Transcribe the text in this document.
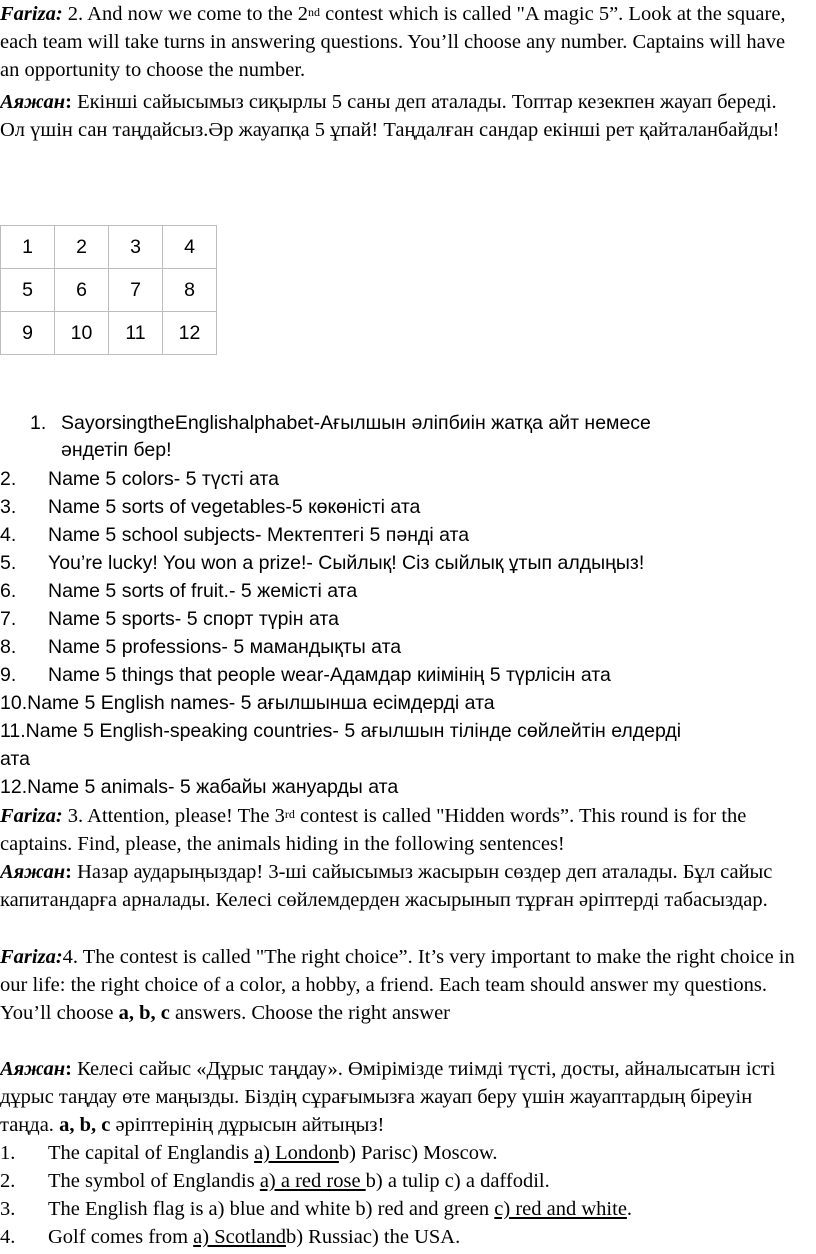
Fariza: 2. And now we come to the 2nd contest which is called "A magic 5”. Look at the square, each team will take turns in answering questions. You’ll choose any number. Captains will have an opportunity to choose the number.

Аяжан: Екінші сайысымыз сиқырлы 5 саны деп аталады. Топтар кезекпен жауап береді. Ол үшін сан таңдайсыз.Әр жауапқа 5 ұпай! Таңдалған сандар екінші рет қайталанбайды!

1	2	3	4
5	6	7	8
9	10	11	12
1. SayorsingtheEnglishalphabet-Ағылшын әліпбиін жатқа айт немесе
әндетіп бер!
2. Name 5 colors- 5 түсті ата
3. Name 5 sorts of vegetables-5 көкөністі ата
4. Name 5 school subjects- Мектептегі 5 пәнді ата
5. You’re lucky! You won a prize!- Сыйлық! Сіз сыйлық ұтып алдыңыз!
6. Name 5 sorts of fruit.- 5 жемісті ата
7. Name 5 sports- 5 спорт түрін ата
8. Name 5 professions- 5 мамандықты ата
9. Name 5 things that people wear-Адамдар киімінің 5 түрлісін ата
10.Name 5 English names- 5 ағылшынша есімдерді ата
11.Name 5 English-speaking countries- 5 ағылшын тілінде сөйлейтін елдерді
ата
12.Name 5 animals- 5 жабайы жануарды ата

Fariza: 3. Attention, please! The 3rd contest is called "Hidden words”. This round is for the captains. Find, please, the animals hiding in the following sentences!

Аяжан: Назар аударыңыздар! 3-ші сайысымыз жасырын сөздер деп аталады. Бұл сайыс капитандарға арналады. Келесі сөйлемдерден жасырынып тұрған әріптерді табасыздар.

Fariza:4. The contest is called "The right choice”. It’s very important to make the right choice in our life: the right choice of a color, a hobby, a friend. Each team should answer my questions. You’ll choose a, b, c answers. Choose the right answer

Аяжан: Келесі сайыс «Дұрыс таңдау». Өмірімізде тиімді түсті, досты, айналысатын істі дұрыс таңдау өте маңызды. Біздің сұрағымызға жауап беру үшін жауаптардың біреуін таңда. a, b, c әріптерінің дұрысын айтыңыз!

1. The capital of Englandis a) Londonb) Parisc) Moscow.
2. The symbol of Englandis a) a red rose b) a tulip c) a daffodil.
3. The English flag is a) blue and white b) red and green c) red and white.
4. Golf comes from a) Scotlandb) Russiac) the USA.
